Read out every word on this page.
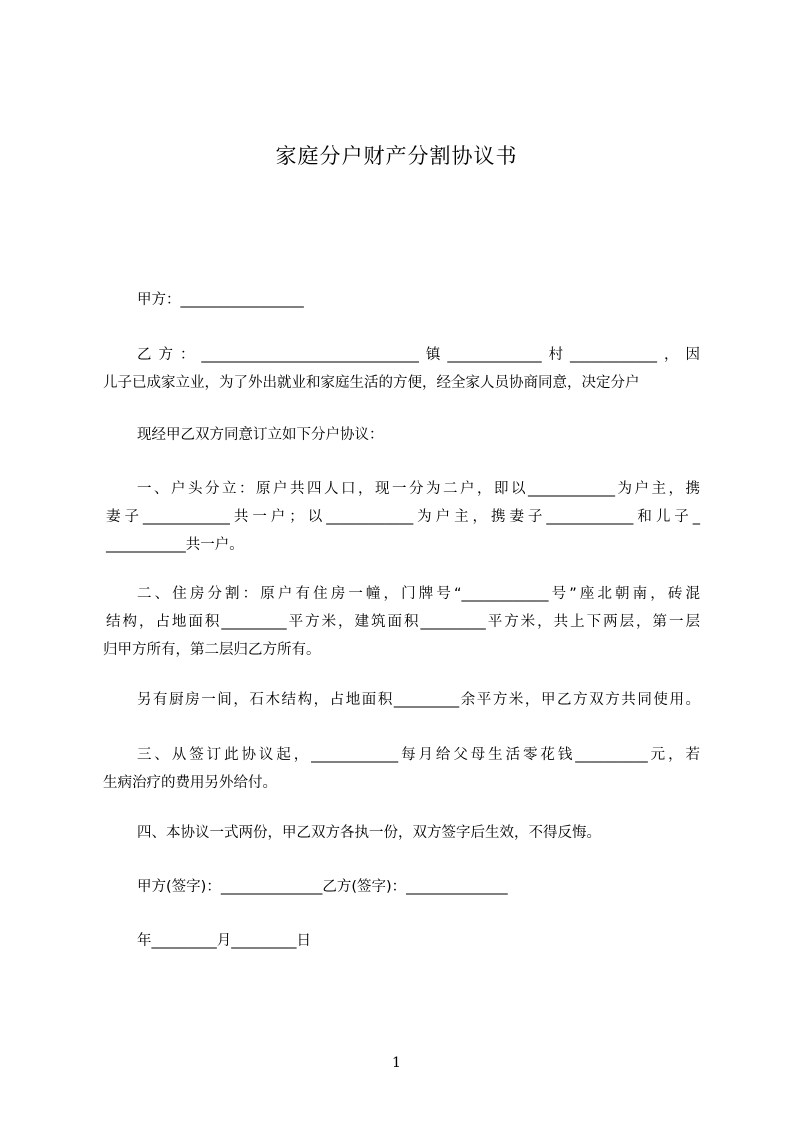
家庭分户财产分割协议书
甲方：_________________
乙方：______________________________镇_____________村____________，因
儿子已成家立业，为了外出就业和家庭生活的方便，经全家人员协商同意，决定分户
现经甲乙双方同意订立如下分户协议：
一、户头分立：原户共四人口，现一分为二户，即以____________为户主，携
妻子____________共一户；以____________为户主，携妻子____________和儿子_
___________共一户。
二、住房分割：原户有住房一幢，门牌号“____________号”座北朝南，砖混
结构，占地面积_________平方米，建筑面积_________平方米，共上下两层，第一层
归甲方所有，第二层归乙方所有。
另有厨房一间，石木结构，占地面积_________余平方米，甲乙方双方共同使用。
三、从签订此协议起，____________每月给父母生活零花钱__________元，若
生病治疗的费用另外给付。
四、本协议一式两份，甲乙双方各执一份，双方签字后生效，不得反悔。
甲方(签字)：______________乙方(签字)：______________
年_________月_________日
1
